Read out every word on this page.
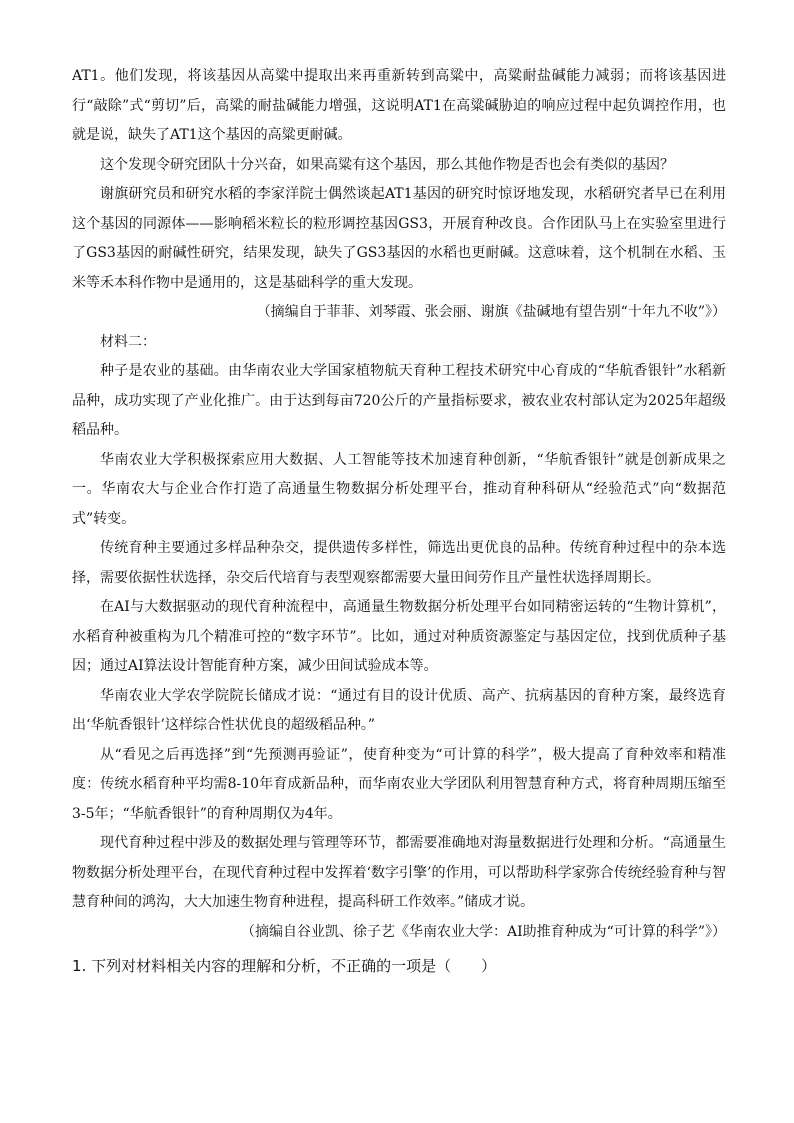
AT1。他们发现，将该基因从高粱中提取出来再重新转到高粱中，高粱耐盐碱能力减弱；而将该基因进行“敲除”式“剪切”后，高粱的耐盐碱能力增强，这说明AT1在高粱碱胁迫的响应过程中起负调控作用，也就是说，缺失了AT1这个基因的高粱更耐碱。

这个发现令研究团队十分兴奋，如果高粱有这个基因，那么其他作物是否也会有类似的基因？

谢旗研究员和研究水稻的李家洋院士偶然谈起AT1基因的研究时惊讶地发现，水稻研究者早已在利用这个基因的同源体——影响稻米粒长的粒形调控基因GS3，开展育种改良。合作团队马上在实验室里进行了GS3基因的耐碱性研究，结果发现，缺失了GS3基因的水稻也更耐碱。这意味着，这个机制在水稻、玉米等禾本科作物中是通用的，这是基础科学的重大发现。

（摘编自于菲菲、刘琴霞、张会丽、谢旗《盐碱地有望告别“十年九不收”》）

材料二：

种子是农业的基础。由华南农业大学国家植物航天育种工程技术研究中心育成的“华航香银针”水稻新品种，成功实现了产业化推广。由于达到每亩720公斤的产量指标要求，被农业农村部认定为2025年超级稻品种。

华南农业大学积极探索应用大数据、人工智能等技术加速育种创新，“华航香银针”就是创新成果之一。华南农大与企业合作打造了高通量生物数据分析处理平台，推动育种科研从“经验范式”向“数据范式”转变。

传统育种主要通过多样品种杂交，提供遗传多样性，筛选出更优良的品种。传统育种过程中的杂本选择，需要依据性状选择，杂交后代培育与表型观察都需要大量田间劳作且产量性状选择周期长。

在AI与大数据驱动的现代育种流程中，高通量生物数据分析处理平台如同精密运转的“生物计算机”，水稻育种被重构为几个精准可控的“数字环节”。比如，通过对种质资源鉴定与基因定位，找到优质种子基因；通过AI算法设计智能育种方案，减少田间试验成本等。

华南农业大学农学院院长储成才说：“通过有目的设计优质、高产、抗病基因的育种方案，最终选育出‘华航香银针’这样综合性状优良的超级稻品种。”

从“看见之后再选择”到“先预测再验证”，使育种变为“可计算的科学”，极大提高了育种效率和精准度：传统水稻育种平均需8-10年育成新品种，而华南农业大学团队利用智慧育种方式，将育种周期压缩至3-5年；“华航香银针”的育种周期仅为4年。

现代育种过程中涉及的数据处理与管理等环节，都需要准确地对海量数据进行处理和分析。“高通量生物数据分析处理平台，在现代育种过程中发挥着‘数字引擎’的作用，可以帮助科学家弥合传统经验育种与智慧育种间的鸿沟，大大加速生物育种进程，提高科研工作效率。”储成才说。

（摘编自谷业凯、徐子艺《华南农业大学：AI助推育种成为“可计算的科学”》）

1. 下列对材料相关内容的理解和分析，不正确的一项是（　　）
